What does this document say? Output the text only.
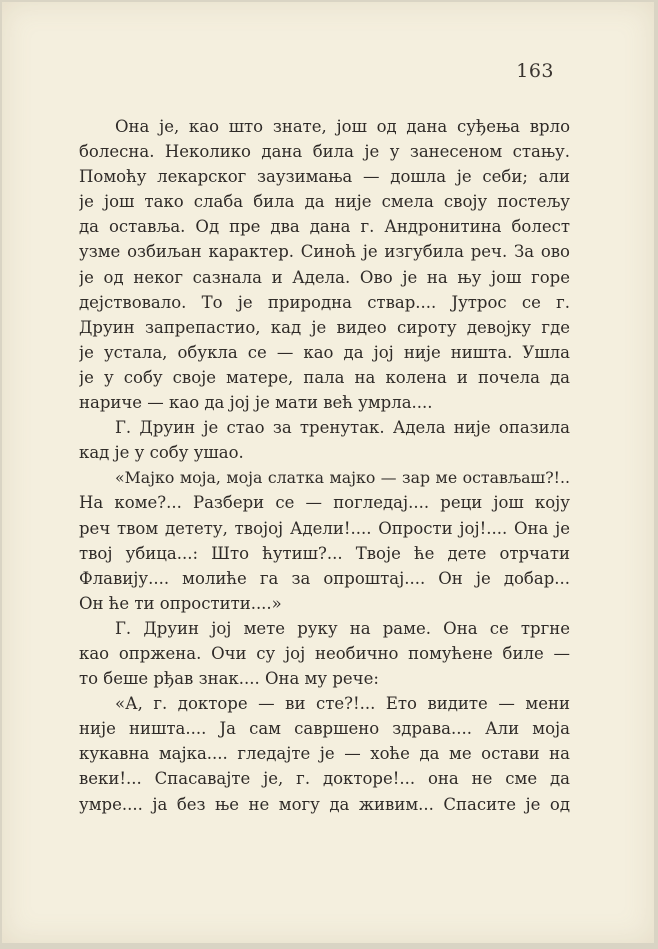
163
Она је, као што знате, још од дана суђења врло
болесна. Неколико дана била је у занесеном стању.
Помоћу лекарског заузимања — дошла је себи; али
је још тако слаба била да није смела своју постељу
да оставља. Од пре два дана г. Андронитина болест
узме озбиљан карактер. Синоћ је изгубила реч. За ово
је од неког сазнала и Адела. Ово је на њу још горе
дејствовало. То је природна ствар.... Јутрос се г.
Друин запрепастио, кад је видео сироту девојку где
је устала, обукла се — као да јој није ништа. Ушла
је у собу своје матере, пала на колена и почела да
нариче — као да јој је мати већ умрла....
Г. Друин је стао за тренутак. Адела није опазила
кад је у собу ушао.
«Мајко моја, моја слатка мајко — зар ме остављаш?!..
На коме?... Разбери се — погледај.... реци још коју
реч твом детету, твојој Адели!.... Опрости јој!.... Она је
твој убица...: Што ћутиш?... Твоје ће дете отрчати
Флавију.... молиће га за опроштај.... Он је добар...
Он ће ти опростити....»
Г. Друин јој мете руку на раме. Она се тргне
као опржена. Очи су јој необично помућене биле —
то беше рђав знак.... Она му рече:
«А, г. докторе — ви сте?!... Ето видите — мени
није ништа.... Ја сам савршено здрава.... Али моја
кукавна мајка.... гледајте је — хоће да ме остави на
веки!... Спасавајте је, г. докторе!... она не сме да
умре.... ја без ње не могу да живим... Спасите је од
